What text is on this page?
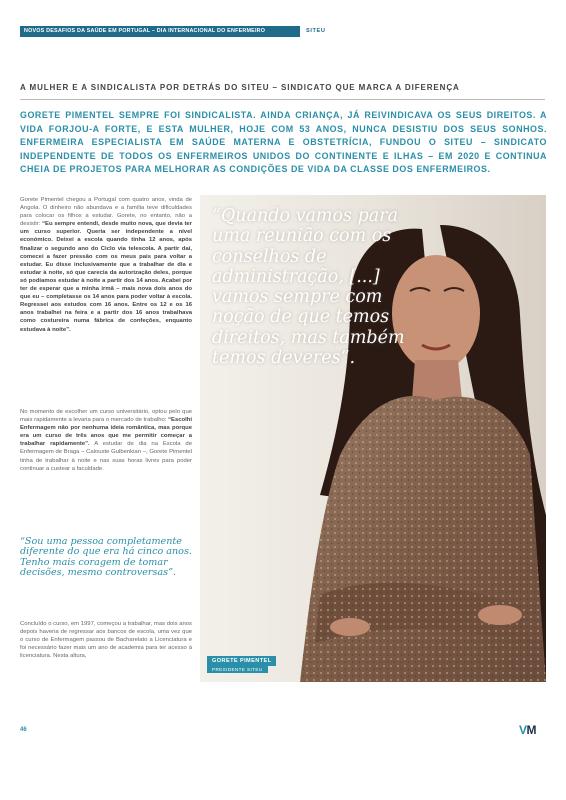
NOVOS DESAFIOS DA SAÚDE EM PORTUGAL – DIA INTERNACIONAL DO ENFERMEIRO	SITEU
A MULHER E A SINDICALISTA POR DETRÁS DO SITEU – SINDICATO QUE MARCA A DIFERENÇA
GORETE PIMENTEL SEMPRE FOI SINDICALISTA. AINDA CRIANÇA, JÁ REIVINDICAVA OS SEUS DIREITOS. A VIDA FORJOU-A FORTE, E ESTA MULHER, HOJE COM 53 ANOS, NUNCA DESISTIU DOS SEUS SONHOS. ENFERMEIRA ESPECIALISTA EM SAÚDE MATERNA E OBSTETRÍCIA, FUNDOU O SITEU – SINDICATO INDEPENDENTE DE TODOS OS ENFERMEIROS UNIDOS DO CONTINENTE E ILHAS – EM 2020 E CONTINUA CHEIA DE PROJETOS PARA MELHORAR AS CONDIÇÕES DE VIDA DA CLASSE DOS ENFERMEIROS.
Gorete Pimentel chegou a Portugal com quatro anos, vinda de Angola. O dinheiro não abundava e a família teve dificuldades para colocar os filhos a estudar. Gorete, no entanto, não a desistir: “Eu sempre entendi, desde muito nova, que devia ter um curso superior. Queria ser independente a nível económico. Deixei a escola quando tinha 12 anos, após finalizar o segundo ano do Ciclo via telescola. A partir daí, comecei a fazer pressão com os meus pais para voltar a estudar. Eu disse inclusivamente que a trabalhar de dia e estudar à noite, só que carecia da autorização deles, porque só podíamos estudar à noite a partir dos 14 anos. Acabei por ter de esperar que a minha irmã – mais nova dois anos do que eu – completasse os 14 anos para poder voltar à escola. Regressei aos estudos com 16 anos. Entre os 12 e os 16 anos trabalhei na feira e a partir dos 16 anos trabalhava como costureira numa fábrica de confeções, enquanto estudava à noite”.
No momento de escolher um curso universitário, optou pelo que mais rapidamente a levaria para o mercado de trabalho: “Escolhi Enfermagem não por nenhuma ideia romântica, mas porque era um curso de três anos que me permitir começar a trabalhar rapidamente”. A estudar de dia na Escola de Enfermagem de Braga – Calouste Gulbenkian –, Gorete Pimentel tinha de trabalhar à noite e nas suas horas livres para poder continuar a custear a faculdade.
“Sou uma pessoa completamente diferente do que era há cinco anos. Tenho mais coragem de tomar decisões, mesmo controversas”.
Concluído o curso, em 1997, começou a trabalhar, mas dois anos depois haveria de regressar aos bancos de escola, uma vez que o curso de Enfermagem passou de Bacharelato a Licenciatura e foi necessário fazer mais um ano de academia para ter acesso à licenciatura. Nesta altura,
“Quando vamos para uma reunião com os conselhos de administração, [...] vamos sempre com noção de que temos direitos, mas também temos deveres”.
GORETE PIMENTEL
PRESIDENTE SITEU
46	VM
